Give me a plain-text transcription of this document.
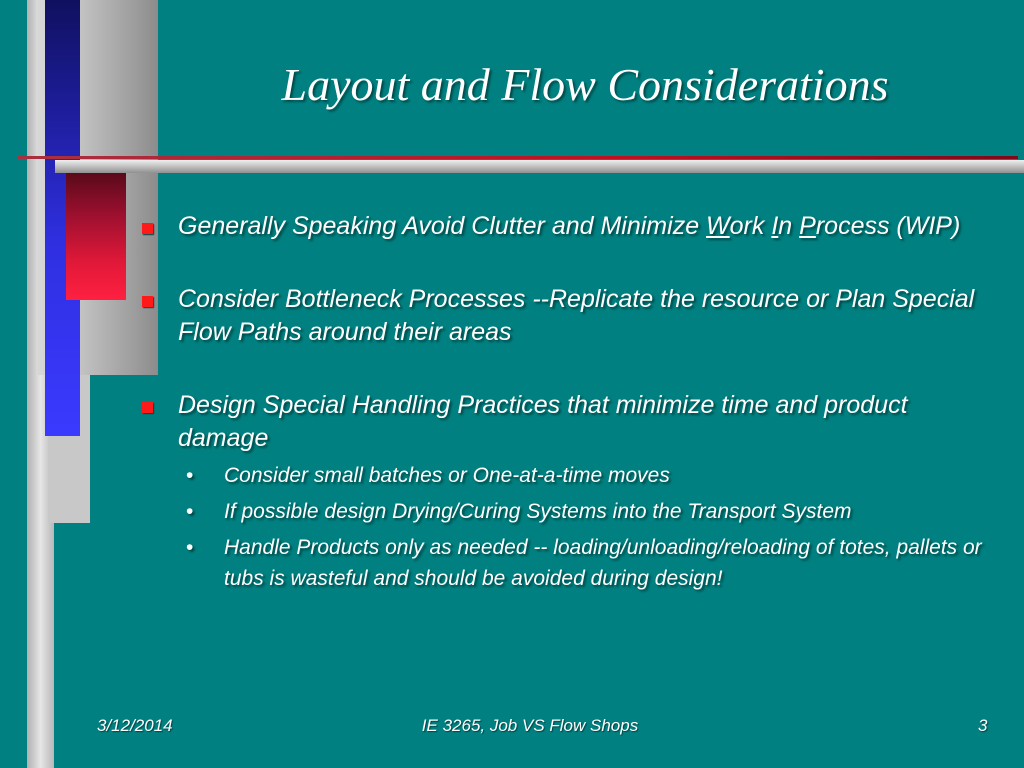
Layout and Flow Considerations
Generally Speaking Avoid Clutter and Minimize Work In Process (WIP)
Consider Bottleneck Processes --Replicate the resource or Plan Special Flow Paths around their areas
Design Special Handling Practices that minimize time and product damage
• Consider small batches or One-at-a-time moves
• If possible design Drying/Curing Systems into the Transport System
• Handle Products only as needed -- loading/unloading/reloading of totes, pallets or tubs is wasteful and should be avoided during design!
3/12/2014	IE 3265, Job VS Flow Shops	3
